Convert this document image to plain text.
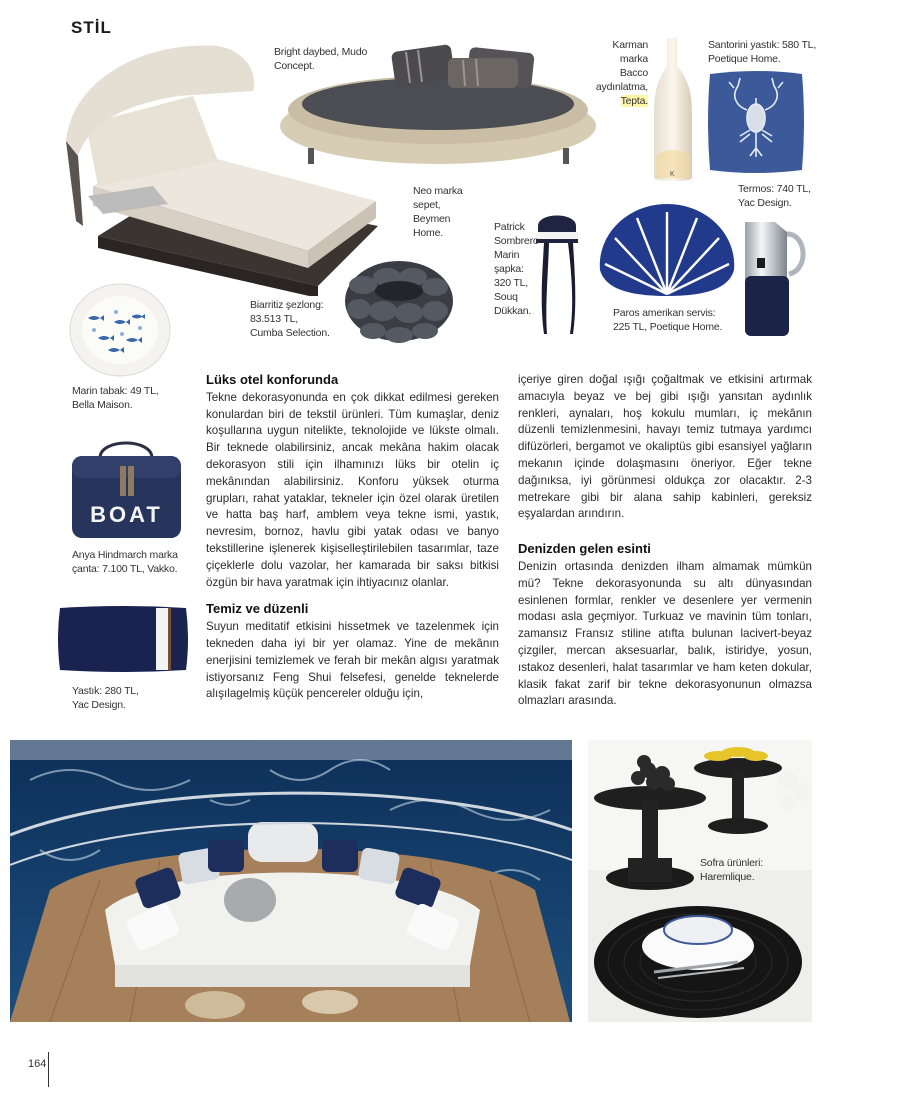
STİL
K
BOAT
Bright daybed, Mudo
Concept.
Karman
marka Bacco
aydınlatma,
Tepta.
Santorini yastık: 580 TL,
Poetique Home.
Termos: 740 TL,
Yac Design.
Neo marka
sepet,
Beymen
Home.	Patrick
Sombrero
Marin
şapka:
320 TL,
Souq
Dükkan.
Biarritiz şezlong:
83.513 TL,
Cumba Selection.
Paros amerikan servis:
225 TL, Poetique Home.
Marin tabak: 49 TL,
Bella Maison.
Anya Hindmarch marka
çanta: 7.100 TL, Vakko.
Yastık: 280 TL,
Yac Design.
Sofra ürünleri:
Haremlique.
Lüks otel konforunda

Tekne dekorasyonunda en çok dikkat edilmesi gereken konulardan biri de tekstil ürünleri. Tüm kumaşlar, deniz koşullarına uygun nitelikte, teknolojide ve lükste olmalı. Bir teknede olabilirsiniz, ancak mekâna hakim olacak dekorasyon stili için ilhamınızı lüks bir otelin iç mekânından alabilirsiniz. Konforu yüksek oturma grupları, rahat yataklar, tekneler için özel olarak üretilen ve hatta baş harf, amblem veya tekne ismi, yastık, nevresim, bornoz, havlu gibi yatak odası ve banyo tekstillerine işlenerek kişiselleştirilebilen tasarımlar, taze çiçeklerle dolu vazolar, her kamarada bir saksı bitkisi özgün bir hava yaratmak için ihtiyacınız olanlar.

Temiz ve düzenli

Suyun meditatif etkisini hissetmek ve tazelenmek için tekneden daha iyi bir yer olamaz. Yine de mekânın enerjisini temizlemek ve ferah bir mekân algısı yaratmak istiyorsanız Feng Shui felsefesi, genelde teknelerde alışılagelmiş küçük pencereler olduğu için,

içeriye giren doğal ışığı çoğaltmak ve etkisini artırmak amacıyla beyaz ve bej gibi ışığı yansıtan aydınlık renkleri, aynaları, hoş kokulu mumları, iç mekânın düzenli temizlenmesini, havayı temiz tutmaya yardımcı difüzörleri, bergamot ve okaliptüs gibi esansiyel yağların mekanın içinde dolaşmasını öneriyor. Eğer tekne dağınıksa, iyi görünmesi oldukça zor olacaktır. 2-3 metrekare gibi bir alana sahip kabinleri, gereksiz eşyalardan arındırın.

Denizden gelen esinti

Denizin ortasında denizden ilham almamak mümkün mü? Tekne dekorasyonunda su altı dünyasından esinlenen formlar, renkler ve desenlere yer vermenin modası asla geçmiyor. Turkuaz ve mavinin tüm tonları, zamansız Fransız stiline atıfta bulunan lacivert-beyaz çizgiler, mercan aksesuarlar, balık, istiridye, yosun, ıstakoz desenleri, halat tasarımlar ve ham keten dokular, klasik fakat zarif bir tekne dekorasyonunun olmazsa olmazları arasında.

164
